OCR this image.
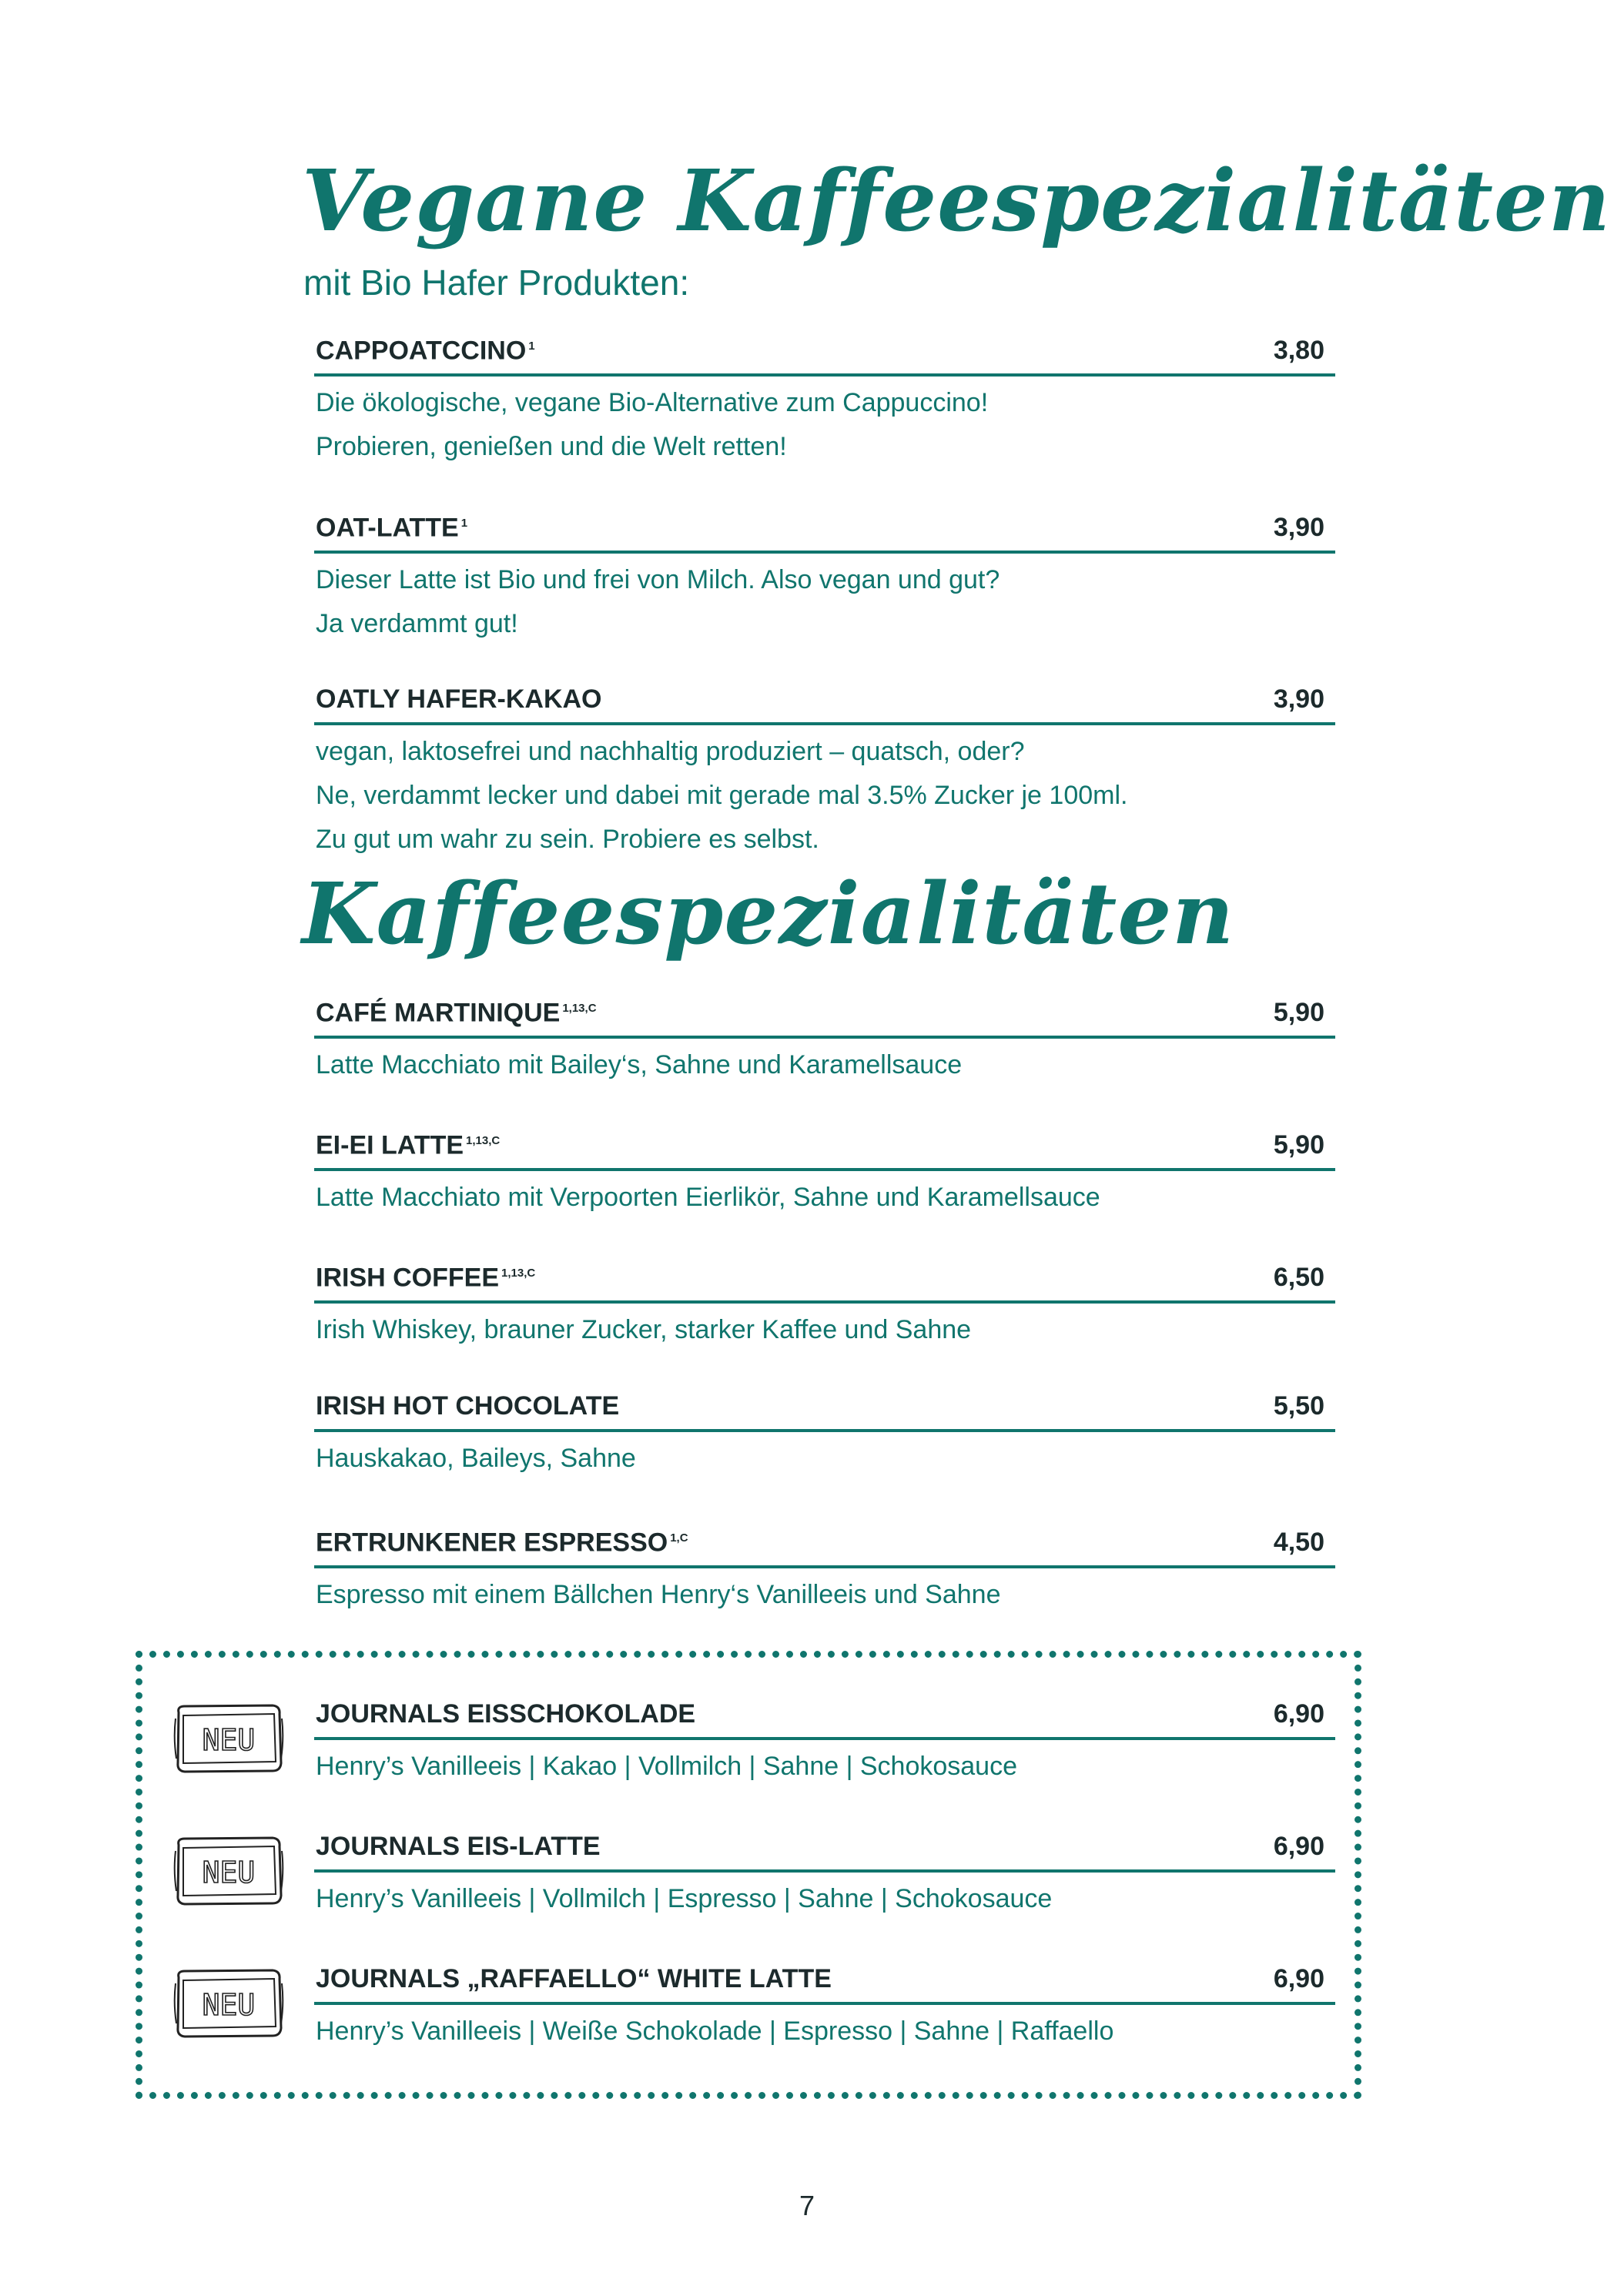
Vegane Kaffeespezialitäten
mit Bio Hafer Produkten:
CAPPOATCCINO $^1$	3,80
Die ökologische, vegane Bio-Alternative zum Cappuccino!
Probieren, genießen und die Welt retten!
OAT-LATTE $^1$	3,90
Dieser Latte ist Bio und frei von Milch. Also vegan und gut?
Ja verdammt gut!
OATLY HAFER-KAKAO	3,90
vegan, laktosefrei und nachhaltig produziert – quatsch, oder?
Ne, verdammt lecker und dabei mit gerade mal 3.5% Zucker je 100ml.
Zu gut um wahr zu sein. Probiere es selbst.
Kaffeespezialitäten
CAFÉ MARTINIQUE $^{1,13,C}$	5,90
Latte Macchiato mit Bailey‘s, Sahne und Karamellsauce
EI-EI LATTE $^{1,13,C}$	5,90
Latte Macchiato mit Verpoorten Eierlikör, Sahne und Karamellsauce
IRISH COFFEE $^{1,13,C}$	6,50
Irish Whiskey, brauner Zucker, starker Kaffee und Sahne
IRISH HOT CHOCOLATE	5,50
Hauskakao, Baileys, Sahne
ERTRUNKENER ESPRESSO $^{1,C}$	4,50
Espresso mit einem Bällchen Henry‘s Vanilleeis und Sahne
NEU
NEU
NEU
JOURNALS EISSCHOKOLADE	6,90
Henry’s Vanilleeis | Kakao | Vollmilch | Sahne | Schokosauce
JOURNALS EIS-LATTE	6,90
Henry’s Vanilleeis | Vollmilch | Espresso | Sahne | Schokosauce
JOURNALS „RAFFAELLO“ WHITE LATTE	6,90
Henry’s Vanilleeis | Weiße Schokolade | Espresso | Sahne | Raffaello
7
